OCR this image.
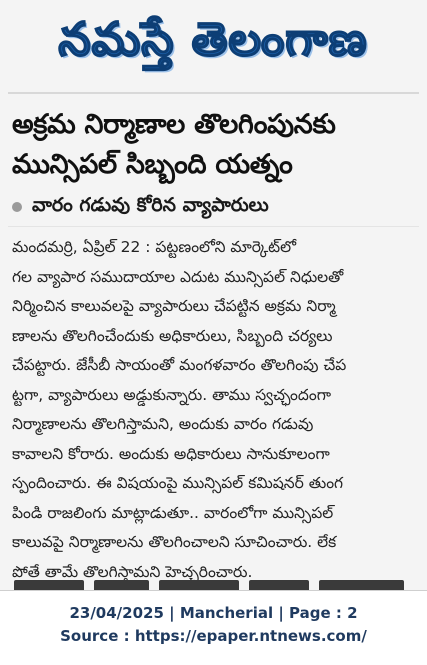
నమస్తే తెలంగాణ
అక్రమ నిర్మాణాల తొలగింపునకు
మున్సిపల్ సిబ్బంది యత్నం
వారం గడువు కోరిన వ్యాపారులు
మందమర్రి, ఏప్రిల్ 22 : పట్టణంలోని మార్కెట్‌లో
గల వ్యాపార సముదాయాల ఎదుట మున్సిపల్ నిధులతో
నిర్మించిన కాలువలపై వ్యాపారులు చేపట్టిన అక్రమ నిర్మా
ణాలను తొలగించేందుకు అధికారులు, సిబ్బంది చర్యలు
చేపట్టారు. జేసీబీ సాయంతో మంగళవారం తొలగింపు చేప
ట్టగా, వ్యాపారులు అడ్డుకున్నారు. తాము స్వచ్ఛందంగా
నిర్మాణాలను తొలగిస్తామని, అందుకు వారం గడువు
కావాలని కోరారు. అందుకు అధికారులు సానుకూలంగా
స్పందించారు. ఈ విషయంపై మున్సిపల్ కమిషనర్ తుంగ
పిండి రాజలింగు మాట్లాడుతూ.. వారంలోగా మున్సిపల్
కాలువపై నిర్మాణాలను తొలగించాలని సూచించారు. లేక
పోతే తామే తొలగిస్తామని హెచ్చరించారు.
23/04/2025 | Mancherial | Page : 2
Source : https://epaper.ntnews.com/
